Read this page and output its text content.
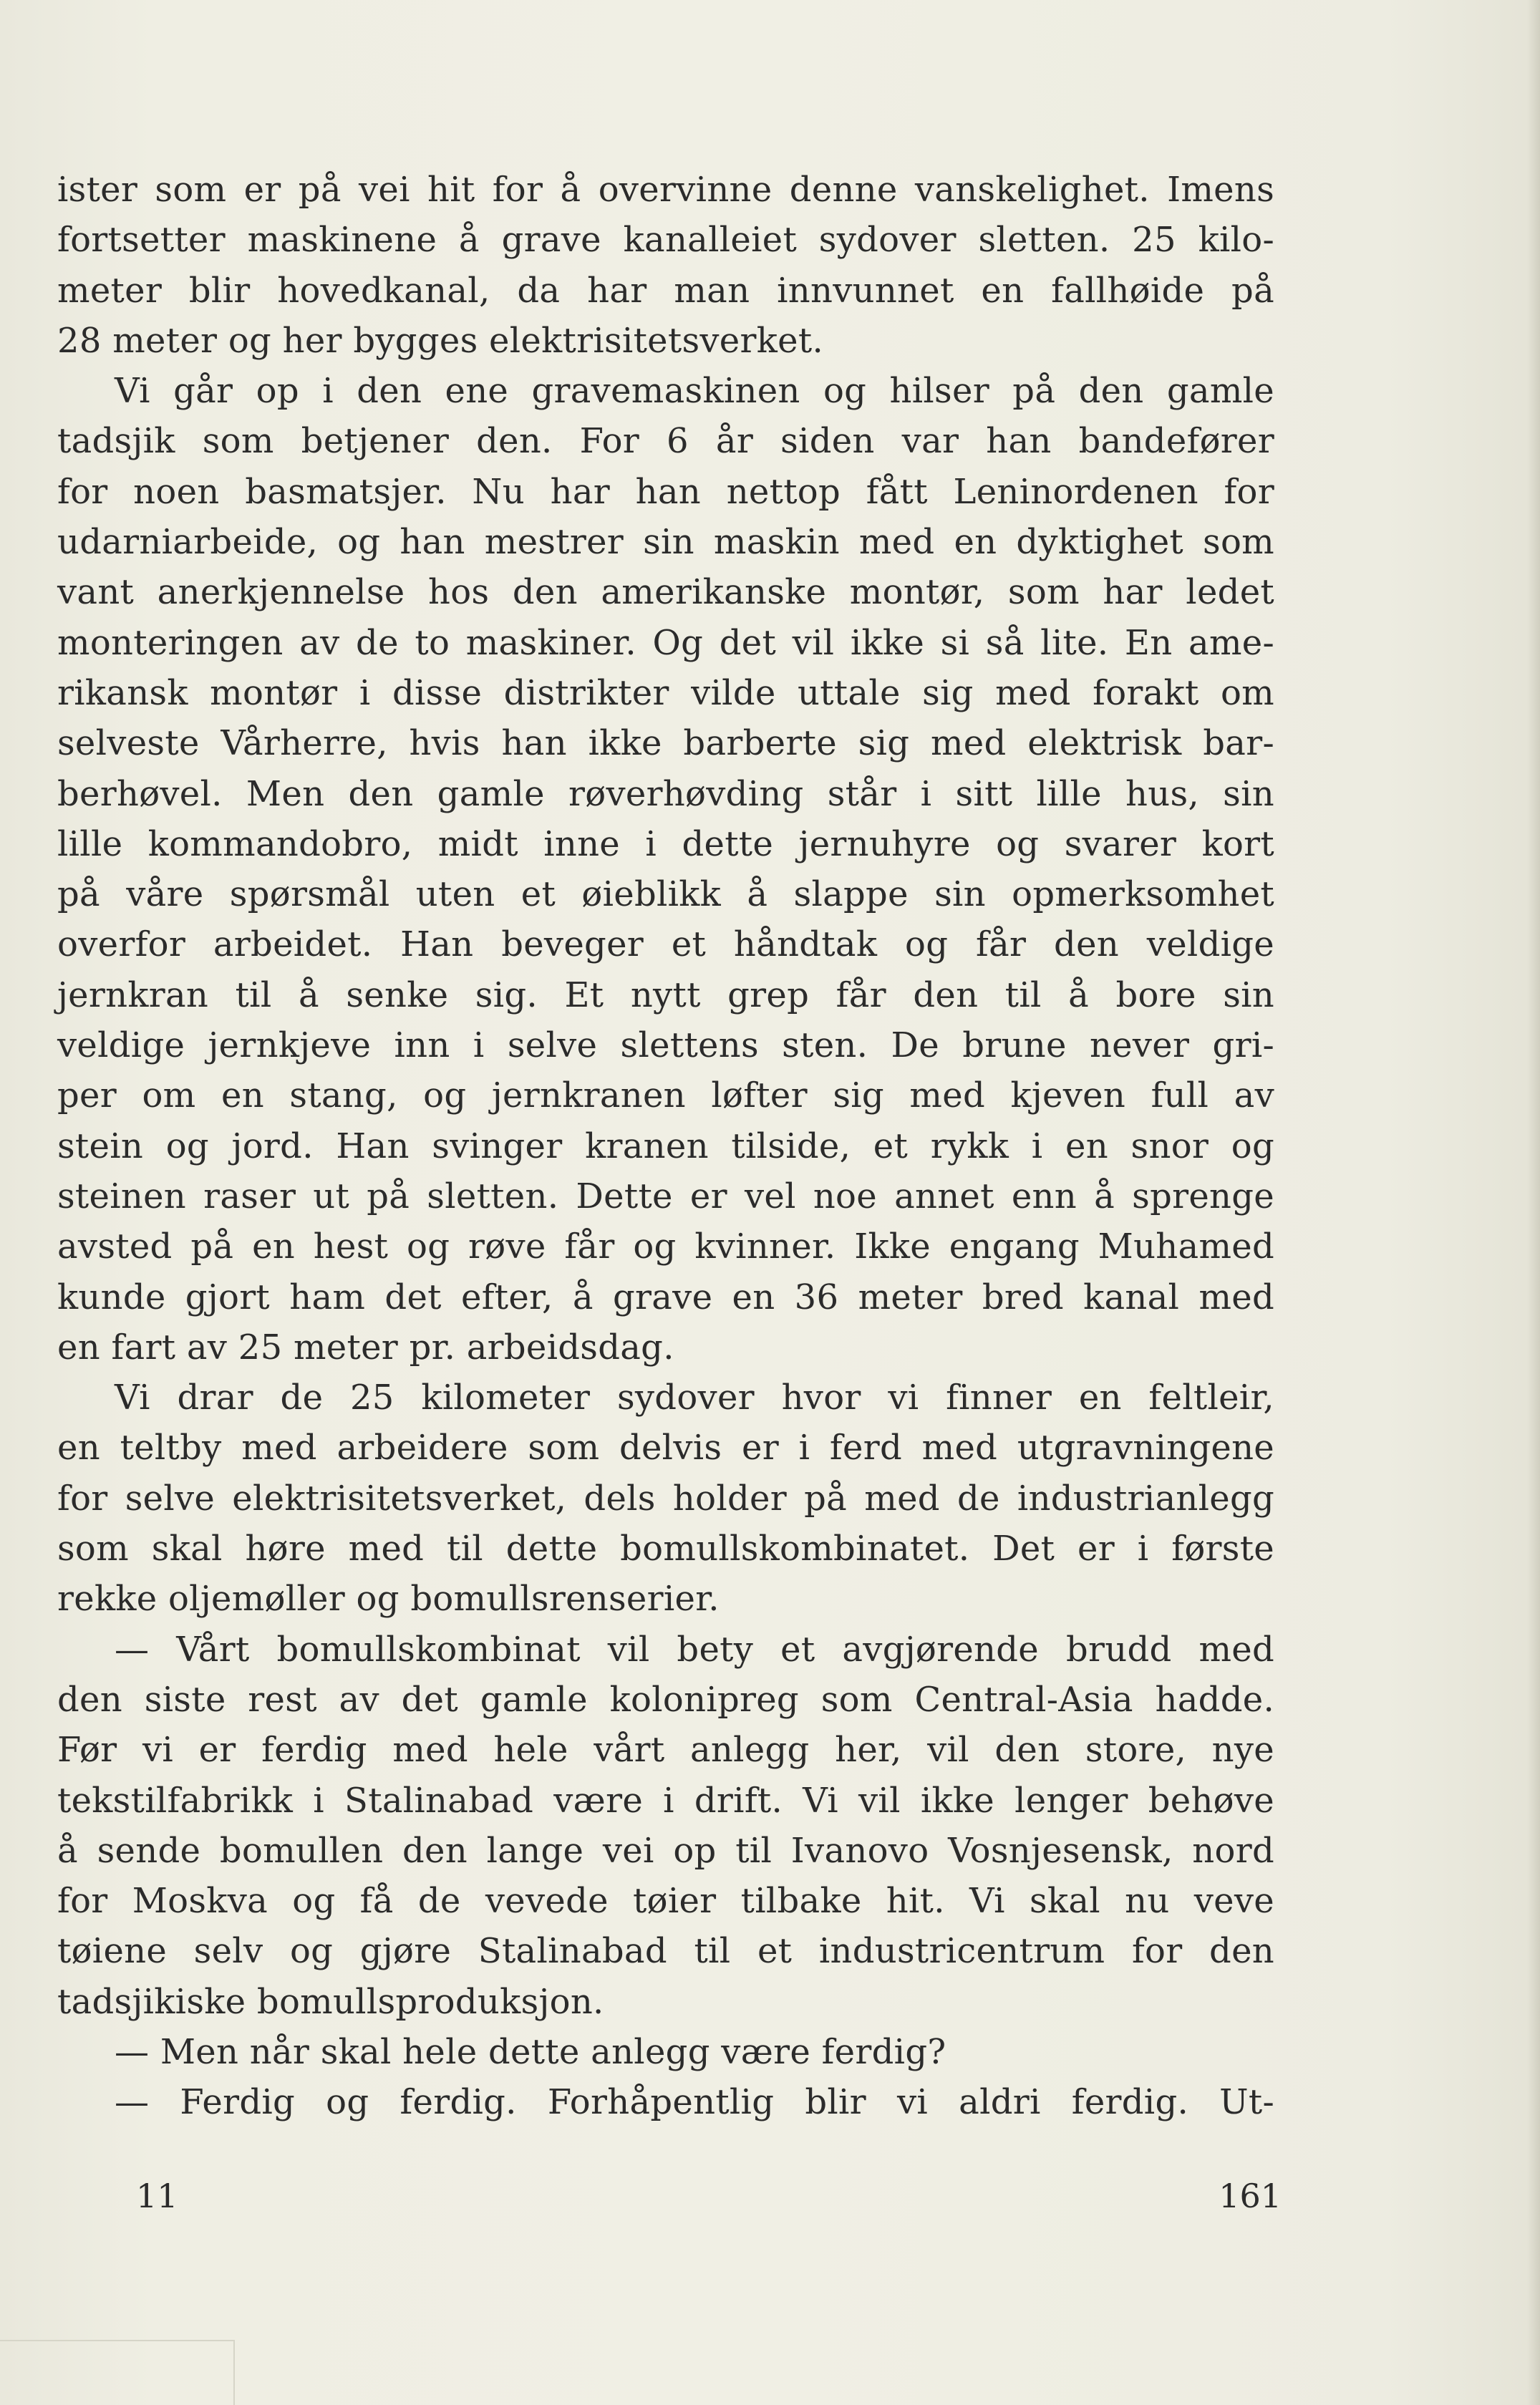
ister som er på vei hit for å overvinne denne vanskelighet. Imens
fortsetter maskinene å grave kanalleiet sydover sletten. 25 kilo-
meter blir hovedkanal, da har man innvunnet en fallhøide på
28 meter og her bygges elektrisitetsverket.
Vi går op i den ene gravemaskinen og hilser på den gamle
tadsjik som betjener den. For 6 år siden var han bandefører
for noen basmatsjer. Nu har han nettop fått Leninordenen for
udarniarbeide, og han mestrer sin maskin med en dyktighet som
vant anerkjennelse hos den amerikanske montør, som har ledet
monteringen av de to maskiner. Og det vil ikke si så lite. En ame-
rikansk montør i disse distrikter vilde uttale sig med forakt om
selveste Vårherre, hvis han ikke barberte sig med elektrisk bar-
berhøvel. Men den gamle røverhøvding står i sitt lille hus, sin
lille kommandobro, midt inne i dette jernuhyre og svarer kort
på våre spørsmål uten et øieblikk å slappe sin opmerksomhet
overfor arbeidet. Han beveger et håndtak og får den veldige
jernkran til å senke sig. Et nytt grep får den til å bore sin
veldige jernkjeve inn i selve slettens sten. De brune never gri-
per om en stang, og jernkranen løfter sig med kjeven full av
stein og jord. Han svinger kranen tilside, et rykk i en snor og
steinen raser ut på sletten. Dette er vel noe annet enn å sprenge
avsted på en hest og røve får og kvinner. Ikke engang Muhamed
kunde gjort ham det efter, å grave en 36 meter bred kanal med
en fart av 25 meter pr. arbeidsdag.
Vi drar de 25 kilometer sydover hvor vi finner en feltleir,
en teltby med arbeidere som delvis er i ferd med utgravningene
for selve elektrisitetsverket, dels holder på med de industrianlegg
som skal høre med til dette bomullskombinatet. Det er i første
rekke oljemøller og bomullsrenserier.
— Vårt bomullskombinat vil bety et avgjørende brudd med
den siste rest av det gamle kolonipreg som Central-Asia hadde.
Før vi er ferdig med hele vårt anlegg her, vil den store, nye
tekstilfabrikk i Stalinabad være i drift. Vi vil ikke lenger behøve
å sende bomullen den lange vei op til Ivanovo Vosnjesensk, nord
for Moskva og få de vevede tøier tilbake hit. Vi skal nu veve
tøiene selv og gjøre Stalinabad til et industricentrum for den
tadsjikiske bomullsproduksjon.
— Men når skal hele dette anlegg være ferdig?
— Ferdig og ferdig. Forhåpentlig blir vi aldri ferdig. Ut-
11	161
